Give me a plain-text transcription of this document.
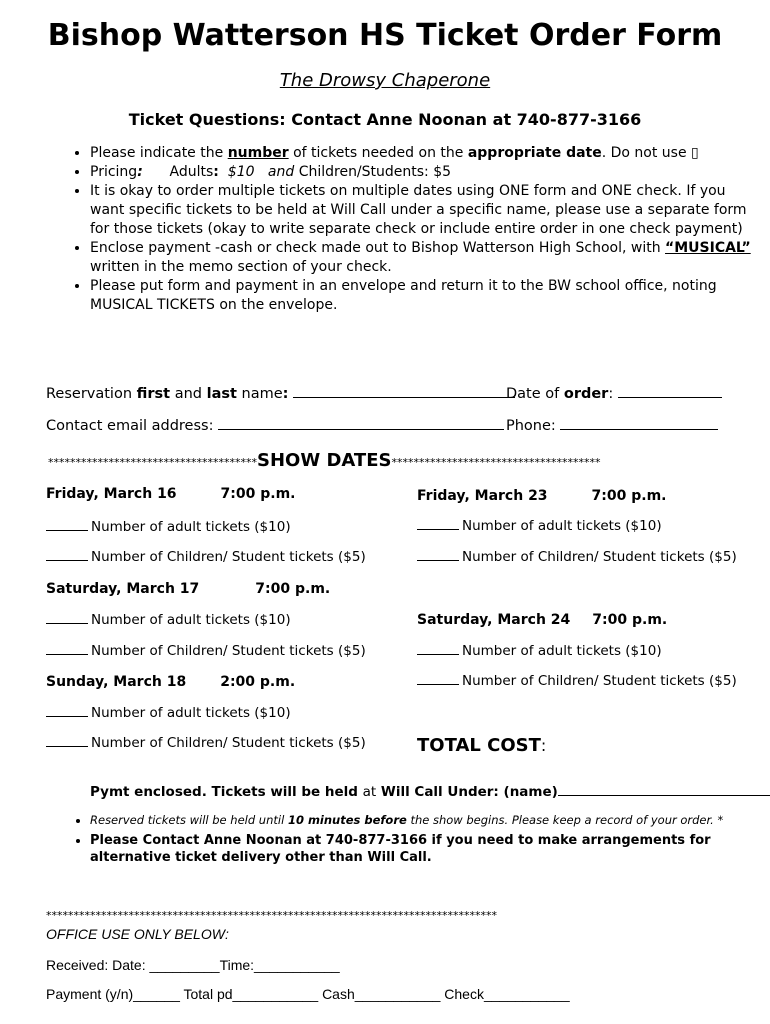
Bishop Watterson HS Ticket Order Form
The Drowsy Chaperone
Ticket Questions: Contact Anne Noonan at 740-877-3166
• Please indicate the number of tickets needed on the appropriate date. Do not use ▯
• Pricing: Adults: $10 and Children/Students: $5
• It is okay to order multiple tickets on multiple dates using ONE form and ONE check. If you want specific tickets to be held at Will Call under a specific name, please use a separate form for those tickets (okay to write separate check or include entire order in one check payment)
• Enclose payment -cash or check made out to Bishop Watterson High School, with “MUSICAL” written in the memo section of your check.
• Please put form and payment in an envelope and return it to the BW school office, noting MUSICAL TICKETS on the envelope.
Reservation first and last name:	Date of order:
Contact email address:	Phone:
**************************************SHOW DATES**************************************
Friday, March 16	7:00 p.m.
Number of adult tickets ($10)
Number of Children/ Student tickets ($5)
Saturday, March 17	7:00 p.m.
Number of adult tickets ($10)
Number of Children/ Student tickets ($5)
Sunday, March 18 2:00 p.m.
Number of adult tickets ($10)
Number of Children/ Student tickets ($5)
Friday, March 23	7:00 p.m.
Number of adult tickets ($10)
Number of Children/ Student tickets ($5)
Saturday, March 24 7:00 p.m.
Number of adult tickets ($10)
Number of Children/ Student tickets ($5)
TOTAL COST:
Pymt enclosed. Tickets will be held at Will Call Under: (name)
• Reserved tickets will be held until 10 minutes before the show begins. Please keep a record of your order. *
• Please Contact Anne Noonan at 740-877-3166 if you need to make arrangements for alternative ticket delivery other than Will Call.
**********************************************************************************
OFFICE USE ONLY BELOW:
Received: Date: _________Time:___________
Payment (y/n)______ Total pd___________ Cash___________ Check___________
